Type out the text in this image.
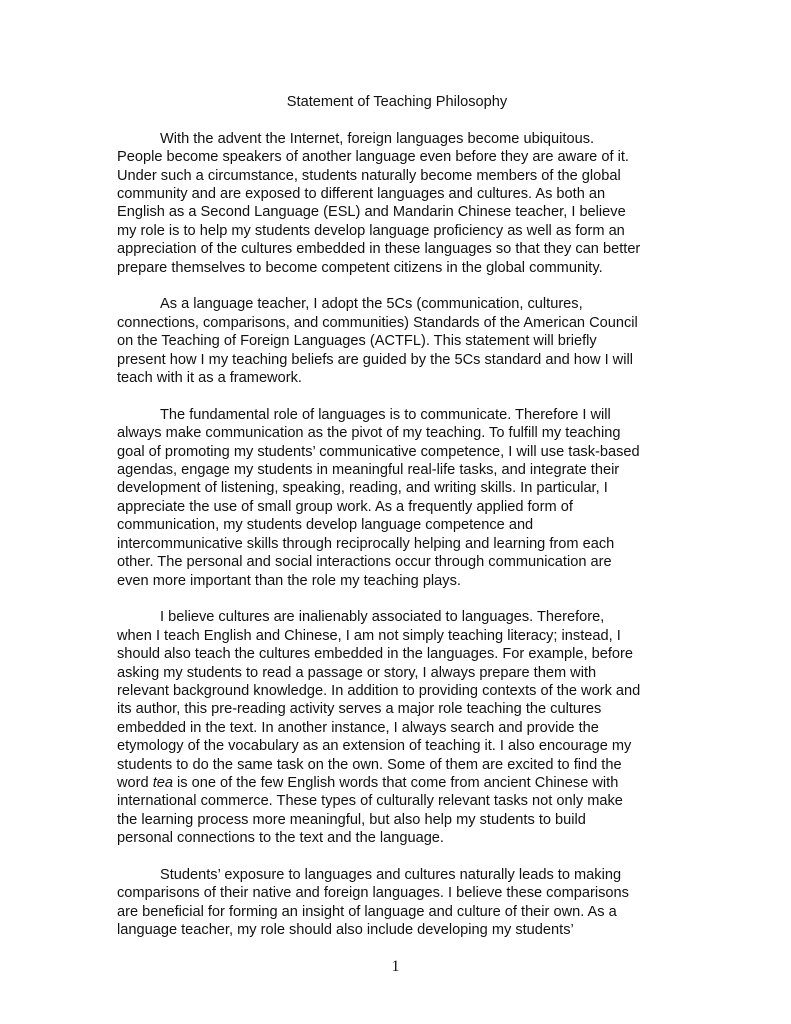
Statement of Teaching Philosophy
With the advent the Internet, foreign languages become ubiquitous.
People become speakers of another language even before they are aware of it.
Under such a circumstance, students naturally become members of the global
community and are exposed to different languages and cultures. As both an
English as a Second Language (ESL) and Mandarin Chinese teacher, I believe
my role is to help my students develop language proficiency as well as form an
appreciation of the cultures embedded in these languages so that they can better
prepare themselves to become competent citizens in the global community.
As a language teacher, I adopt the 5Cs (communication, cultures,
connections, comparisons, and communities) Standards of the American Council
on the Teaching of Foreign Languages (ACTFL). This statement will briefly
present how I my teaching beliefs are guided by the 5Cs standard and how I will
teach with it as a framework.
The fundamental role of languages is to communicate. Therefore I will
always make communication as the pivot of my teaching. To fulfill my teaching
goal of promoting my students’ communicative competence, I will use task-based
agendas, engage my students in meaningful real-life tasks, and integrate their
development of listening, speaking, reading, and writing skills. In particular, I
appreciate the use of small group work. As a frequently applied form of
communication, my students develop language competence and
intercommunicative skills through reciprocally helping and learning from each
other. The personal and social interactions occur through communication are
even more important than the role my teaching plays.
I believe cultures are inalienably associated to languages. Therefore,
when I teach English and Chinese, I am not simply teaching literacy; instead, I
should also teach the cultures embedded in the languages. For example, before
asking my students to read a passage or story, I always prepare them with
relevant background knowledge. In addition to providing contexts of the work and
its author, this pre-reading activity serves a major role teaching the cultures
embedded in the text. In another instance, I always search and provide the
etymology of the vocabulary as an extension of teaching it. I also encourage my
students to do the same task on the own. Some of them are excited to find the
word tea is one of the few English words that come from ancient Chinese with
international commerce. These types of culturally relevant tasks not only make
the learning process more meaningful, but also help my students to build
personal connections to the text and the language.
Students’ exposure to languages and cultures naturally leads to making
comparisons of their native and foreign languages. I believe these comparisons
are beneficial for forming an insight of language and culture of their own. As a
language teacher, my role should also include developing my students’
1
